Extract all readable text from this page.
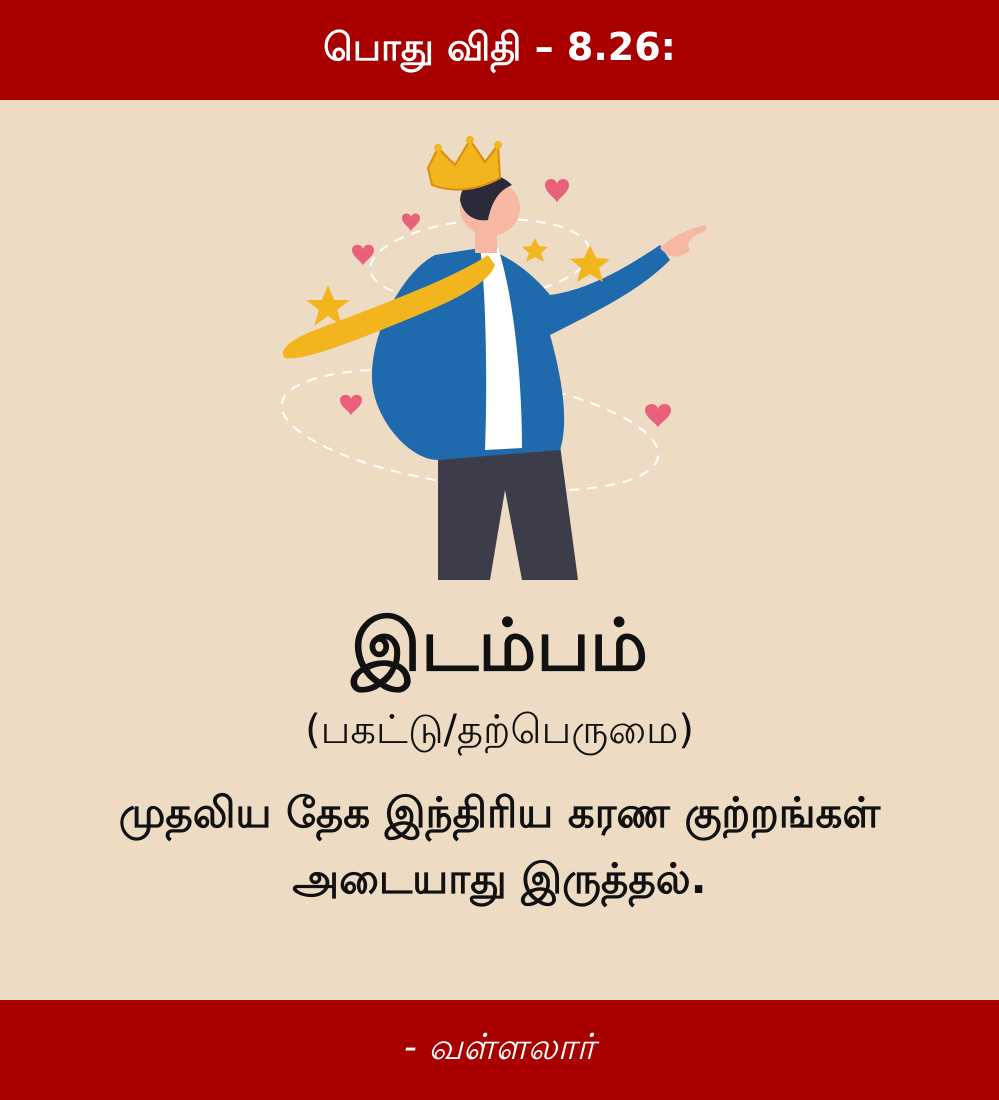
பொது விதி – 8.26:
இடம்பம்
(பகட்டு/தற்பெருமை)
முதலிய தேக இந்திரிய கரண குற்றங்கள் அடையாது இருத்தல்.
- வள்ளலார்
